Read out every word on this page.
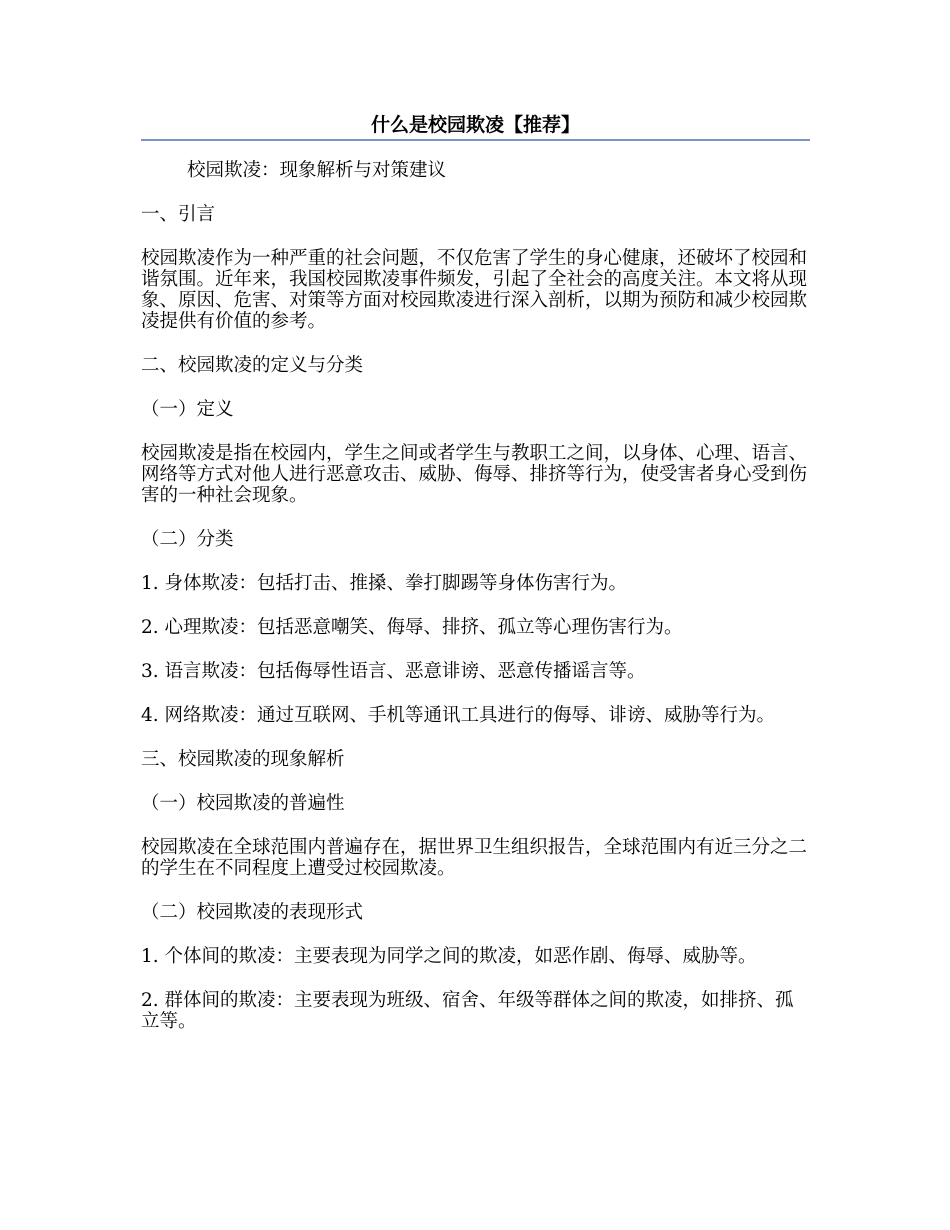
什么是校园欺凌【推荐】

校园欺凌：现象解析与对策建议

一、引言

校园欺凌作为一种严重的社会问题，不仅危害了学生的身心健康，还破坏了校园和谐氛围。近年来，我国校园欺凌事件频发，引起了全社会的高度关注。本文将从现象、原因、危害、对策等方面对校园欺凌进行深入剖析，以期为预防和减少校园欺凌提供有价值的参考。

二、校园欺凌的定义与分类

（一）定义

校园欺凌是指在校园内，学生之间或者学生与教职工之间，以身体、心理、语言、网络等方式对他人进行恶意攻击、威胁、侮辱、排挤等行为，使受害者身心受到伤害的一种社会现象。

（二）分类

1. 身体欺凌：包括打击、推搡、拳打脚踢等身体伤害行为。

2. 心理欺凌：包括恶意嘲笑、侮辱、排挤、孤立等心理伤害行为。

3. 语言欺凌：包括侮辱性语言、恶意诽谤、恶意传播谣言等。

4. 网络欺凌：通过互联网、手机等通讯工具进行的侮辱、诽谤、威胁等行为。

三、校园欺凌的现象解析

（一）校园欺凌的普遍性

校园欺凌在全球范围内普遍存在，据世界卫生组织报告，全球范围内有近三分之二的学生在不同程度上遭受过校园欺凌。

（二）校园欺凌的表现形式

1. 个体间的欺凌：主要表现为同学之间的欺凌，如恶作剧、侮辱、威胁等。

2. 群体间的欺凌：主要表现为班级、宿舍、年级等群体之间的欺凌，如排挤、孤立等。
